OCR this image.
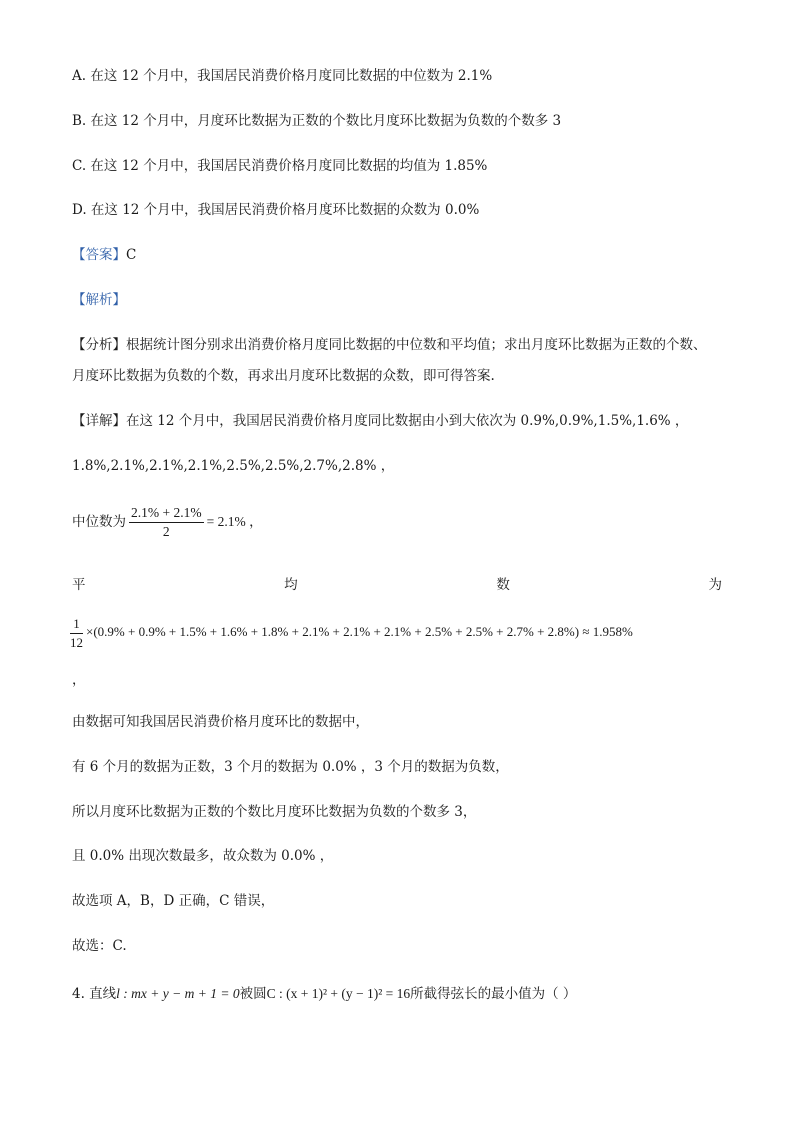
A. 在这 12 个月中，我国居民消费价格月度同比数据的中位数为 2.1%
B. 在这 12 个月中，月度环比数据为正数的个数比月度环比数据为负数的个数多 3
C. 在这 12 个月中，我国居民消费价格月度同比数据的均值为 1.85%
D. 在这 12 个月中，我国居民消费价格月度环比数据的众数为 0.0%
【答案】C
【解析】
【分析】根据统计图分别求出消费价格月度同比数据的中位数和平均值；求出月度环比数据为正数的个数、
月度环比数据为负数的个数，再求出月度环比数据的众数，即可得答案.
【详解】在这 12 个月中，我国居民消费价格月度同比数据由小到大依次为 0.9%,0.9%,1.5%,1.6% ，
1.8%,2.1%,2.1%,2.1%,2.5%,2.5%,2.7%,2.8% ，
中位数为 $\frac{2.1\% + 2.1\%}{2} = 2.1\%$ ，
平	均	数	为
$\frac{1}{12} \times(0.9\% + 0.9\% + 1.5\% + 1.6\% + 1.8\% + 2.1\% + 2.1\% + 2.1\% + 2.5\% + 2.5\% + 2.7\% + 2.8\%) \approx 1.958\%$
，
由数据可知我国居民消费价格月度环比的数据中，
有 6 个月的数据为正数，3 个月的数据为 0.0% ，3 个月的数据为负数，
所以月度环比数据为正数的个数比月度环比数据为负数的个数多 3，
且 0.0% 出现次数最多，故众数为 0.0% ，
故选项 A，B，D 正确，C 错误，
故选：C.
4. 直线l : mx + y − m + 1 = 0被圆C : (x + 1)² + (y − 1)² = 16所截得弦长的最小值为（ ）
